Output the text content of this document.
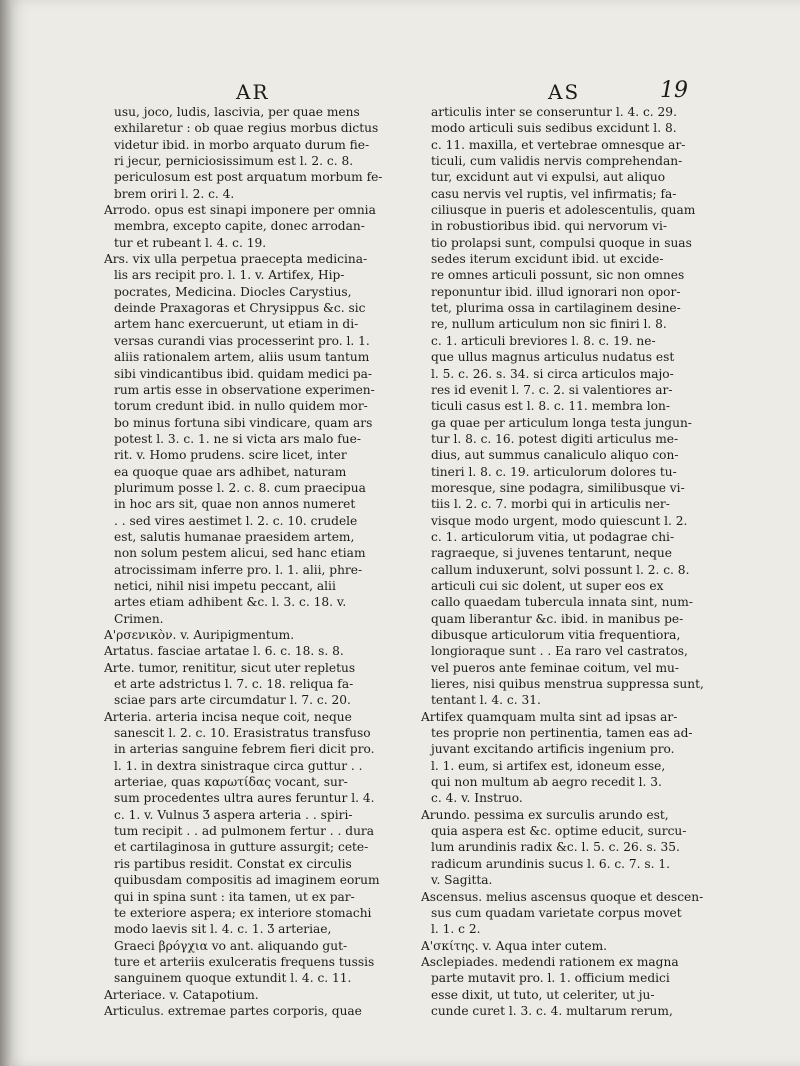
AR	AS	19
usu, joco, ludis, lascivia, per quae mens
exhilaretur : ob quae regius morbus dictus
videtur ibid. in morbo arquato durum fie-
ri jecur, perniciosissimum est l. 2. c. 8.
periculosum est post arquatum morbum fe-
brem oriri l. 2. c. 4.
Arrodo. opus est sinapi imponere per omnia
membra, excepto capite, donec arrodan-
tur et rubeant l. 4. c. 19.
Ars. vix ulla perpetua praecepta medicina-
lis ars recipit pro. l. 1. v. Artifex, Hip-
pocrates, Medicina. Diocles Carystius,
deinde Praxagoras et Chrysippus &c. sic
artem hanc exercuerunt, ut etiam in di-
versas curandi vias processerint pro. l. 1.
aliis rationalem artem, aliis usum tantum
sibi vindicantibus ibid. quidam medici pa-
rum artis esse in observatione experimen-
torum credunt ibid. in nullo quidem mor-
bo minus fortuna sibi vindicare, quam ars
potest l. 3. c. 1. ne si victa ars malo fue-
rit. v. Homo prudens. scire licet, inter
ea quoque quae ars adhibet, naturam
plurimum posse l. 2. c. 8. cum praecipua
in hoc ars sit, quae non annos numeret
. . sed vires aestimet l. 2. c. 10. crudele
est, salutis humanae praesidem artem,
non solum pestem alicui, sed hanc etiam
atrocissimam inferre pro. l. 1. alii, phre-
netici, nihil nisi impetu peccant, alii
artes etiam adhibent &c. l. 3. c. 18. v.
Crimen.
Α'ρσενικὸν. v. Auripigmentum.
Artatus. fasciae artatae l. 6. c. 18. s. 8.
Arte. tumor, renititur, sicut uter repletus
et arte adstrictus l. 7. c. 18. reliqua fa-
sciae pars arte circumdatur l. 7. c. 20.
Arteria. arteria incisa neque coit, neque
sanescit l. 2. c. 10. Erasistratus transfuso
in arterias sanguine febrem fieri dicit pro.
l. 1. in dextra sinistraque circa guttur . .
arteriae, quas καρωτίδας vocant, sur-
sum procedentes ultra aures feruntur l. 4.
c. 1. v. Vulnus Ʒ aspera arteria . . spiri-
tum recipit . . ad pulmonem fertur . . dura
et cartilaginosa in gutture assurgit; cete-
ris partibus residit. Constat ex circulis
quibusdam compositis ad imaginem eorum
qui in spina sunt : ita tamen, ut ex par-
te exteriore aspera; ex interiore stomachi
modo laevis sit l. 4. c. 1. Ʒ arteriae,
Graeci βρόγχια vo ant. aliquando gut-
ture et arteriis exulceratis frequens tussis
sanguinem quoque extundit l. 4. c. 11.
Arteriace. v. Catapotium.
Articulus. extremae partes corporis, quae
articulis inter se conseruntur l. 4. c. 29.
modo articuli suis sedibus excidunt l. 8.
c. 11. maxilla, et vertebrae omnesque ar-
ticuli, cum validis nervis comprehendan-
tur, excidunt aut vi expulsi, aut aliquo
casu nervis vel ruptis, vel infirmatis; fa-
ciliusque in pueris et adolescentulis, quam
in robustioribus ibid. qui nervorum vi-
tio prolapsi sunt, compulsi quoque in suas
sedes iterum excidunt ibid. ut excide-
re omnes articuli possunt, sic non omnes
reponuntur ibid. illud ignorari non opor-
tet, plurima ossa in cartilaginem desine-
re, nullum articulum non sic finiri l. 8.
c. 1. articuli breviores l. 8. c. 19. ne-
que ullus magnus articulus nudatus est
l. 5. c. 26. s. 34. si circa articulos majo-
res id evenit l. 7. c. 2. si valentiores ar-
ticuli casus est l. 8. c. 11. membra lon-
ga quae per articulum longa testa jungun-
tur l. 8. c. 16. potest digiti articulus me-
dius, aut summus canaliculo aliquo con-
tineri l. 8. c. 19. articulorum dolores tu-
moresque, sine podagra, similibusque vi-
tiis l. 2. c. 7. morbi qui in articulis ner-
visque modo urgent, modo quiescunt l. 2.
c. 1. articulorum vitia, ut podagrae chi-
ragraeque, si juvenes tentarunt, neque
callum induxerunt, solvi possunt l. 2. c. 8.
articuli cui sic dolent, ut super eos ex
callo quaedam tubercula innata sint, num-
quam liberantur &c. ibid. in manibus pe-
dibusque articulorum vitia frequentiora,
longioraque sunt . . Ea raro vel castratos,
vel pueros ante feminae coitum, vel mu-
lieres, nisi quibus menstrua suppressa sunt,
tentant l. 4. c. 31.
Artifex quamquam multa sint ad ipsas ar-
tes proprie non pertinentia, tamen eas ad-
juvant excitando artificis ingenium pro.
l. 1. eum, si artifex est, idoneum esse,
qui non multum ab aegro recedit l. 3.
c. 4. v. Instruo.
Arundo. pessima ex surculis arundo est,
quia aspera est &c. optime educit, surcu-
lum arundinis radix &c. l. 5. c. 26. s. 35.
radicum arundinis sucus l. 6. c. 7. s. 1.
v. Sagitta.
Ascensus. melius ascensus quoque et descen-
sus cum quadam varietate corpus movet
l. 1. c 2.
Α'σκίτης. v. Aqua inter cutem.
Asclepiades. medendi rationem ex magna
parte mutavit pro. l. 1. officium medici
esse dixit, ut tuto, ut celeriter, ut ju-
cunde curet l. 3. c. 4. multarum rerum,
